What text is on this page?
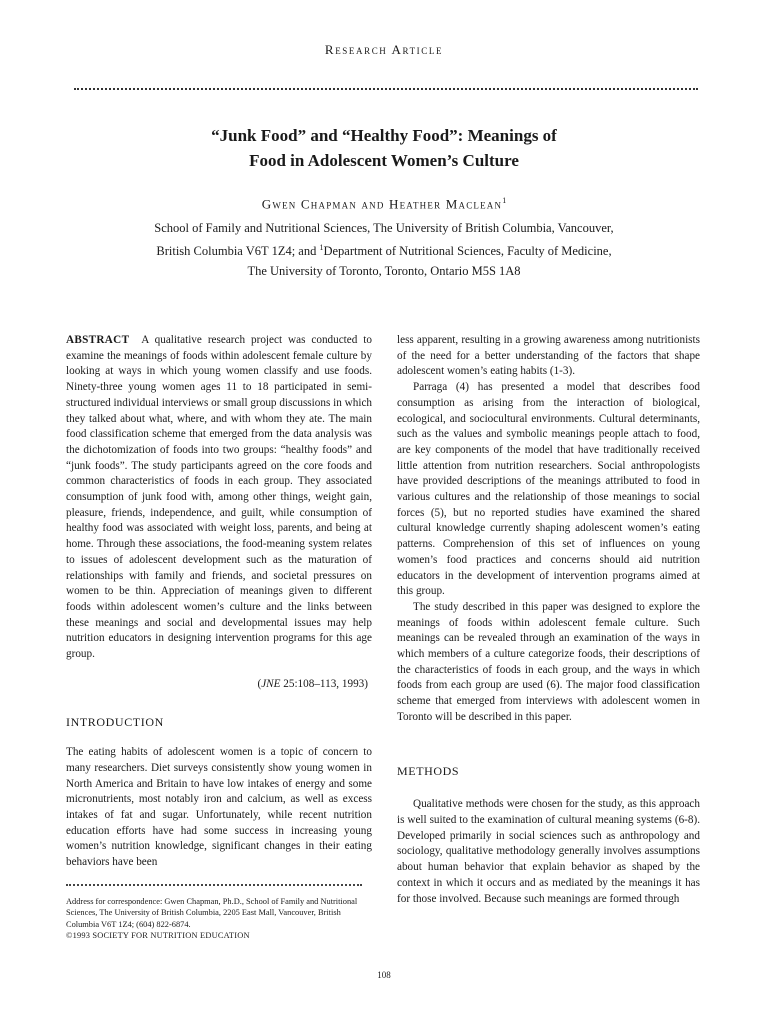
Research Article
“Junk Food” and “Healthy Food”: Meanings of
Food in Adolescent Women’s Culture
Gwen Chapman and Heather Maclean$^1$
School of Family and Nutritional Sciences, The University of British Columbia, Vancouver,
British Columbia V6T 1Z4; and $^1$Department of Nutritional Sciences, Faculty of Medicine,
The University of Toronto, Toronto, Ontario M5S 1A8

ABSTRACT A qualitative research project was conducted to examine the meanings of foods within adolescent female culture by looking at ways in which young women classify and use foods. Ninety-three young women ages 11 to 18 participated in semi-structured individual interviews or small group discussions in which they talked about what, where, and with whom they ate. The main food classification scheme that emerged from the data analysis was the dichotomization of foods into two groups: “healthy foods” and “junk foods”. The study participants agreed on the core foods and common characteristics of foods in each group. They associated consumption of junk food with, among other things, weight gain, pleasure, friends, independence, and guilt, while consumption of healthy food was associated with weight loss, parents, and being at home. Through these associations, the food-meaning system relates to issues of adolescent development such as the maturation of relationships with family and friends, and societal pressures on women to be thin. Appreciation of meanings given to different foods within adolescent women’s culture and the links between these meanings and social and developmental issues may help nutrition educators in designing intervention programs for this age group.

(JNE 25:108–113, 1993)

INTRODUCTION

The eating habits of adolescent women is a topic of concern to many researchers. Diet surveys consistently show young women in North America and Britain to have low intakes of energy and some micronutrients, most notably iron and calcium, as well as excess intakes of fat and sugar. Unfortunately, while recent nutrition education efforts have had some success in increasing young women’s nutrition knowledge, significant changes in their eating behaviors have been

less apparent, resulting in a growing awareness among nutritionists of the need for a better understanding of the factors that shape adolescent women’s eating habits (1-3).

Parraga (4) has presented a model that describes food consumption as arising from the interaction of biological, ecological, and sociocultural environments. Cultural determinants, such as the values and symbolic meanings people attach to food, are key components of the model that have traditionally received little attention from nutrition researchers. Social anthropologists have provided descriptions of the meanings attributed to food in various cultures and the relationship of those meanings to social forces (5), but no reported studies have examined the shared cultural knowledge currently shaping adolescent women’s eating patterns. Comprehension of this set of influences on young women’s food practices and concerns should aid nutrition educators in the development of intervention programs aimed at this group.

The study described in this paper was designed to explore the meanings of foods within adolescent female culture. Such meanings can be revealed through an examination of the ways in which members of a culture categorize foods, their descriptions of the characteristics of foods in each group, and the ways in which foods from each group are used (6). The major food classification scheme that emerged from interviews with adolescent women in Toronto will be described in this paper.

METHODS

Qualitative methods were chosen for the study, as this approach is well suited to the examination of cultural meaning systems (6-8). Developed primarily in social sciences such as anthropology and sociology, qualitative methodology generally involves assumptions about human behavior that explain behavior as shaped by the context in which it occurs and as mediated by the meanings it has for those involved. Because such meanings are formed through

Address for correspondence: Gwen Chapman, Ph.D., School of Family and Nutritional Sciences, The University of British Columbia, 2205 East Mall, Vancouver, British Columbia V6T 1Z4; (604) 822-6874.
©1993 SOCIETY FOR NUTRITION EDUCATION
108
